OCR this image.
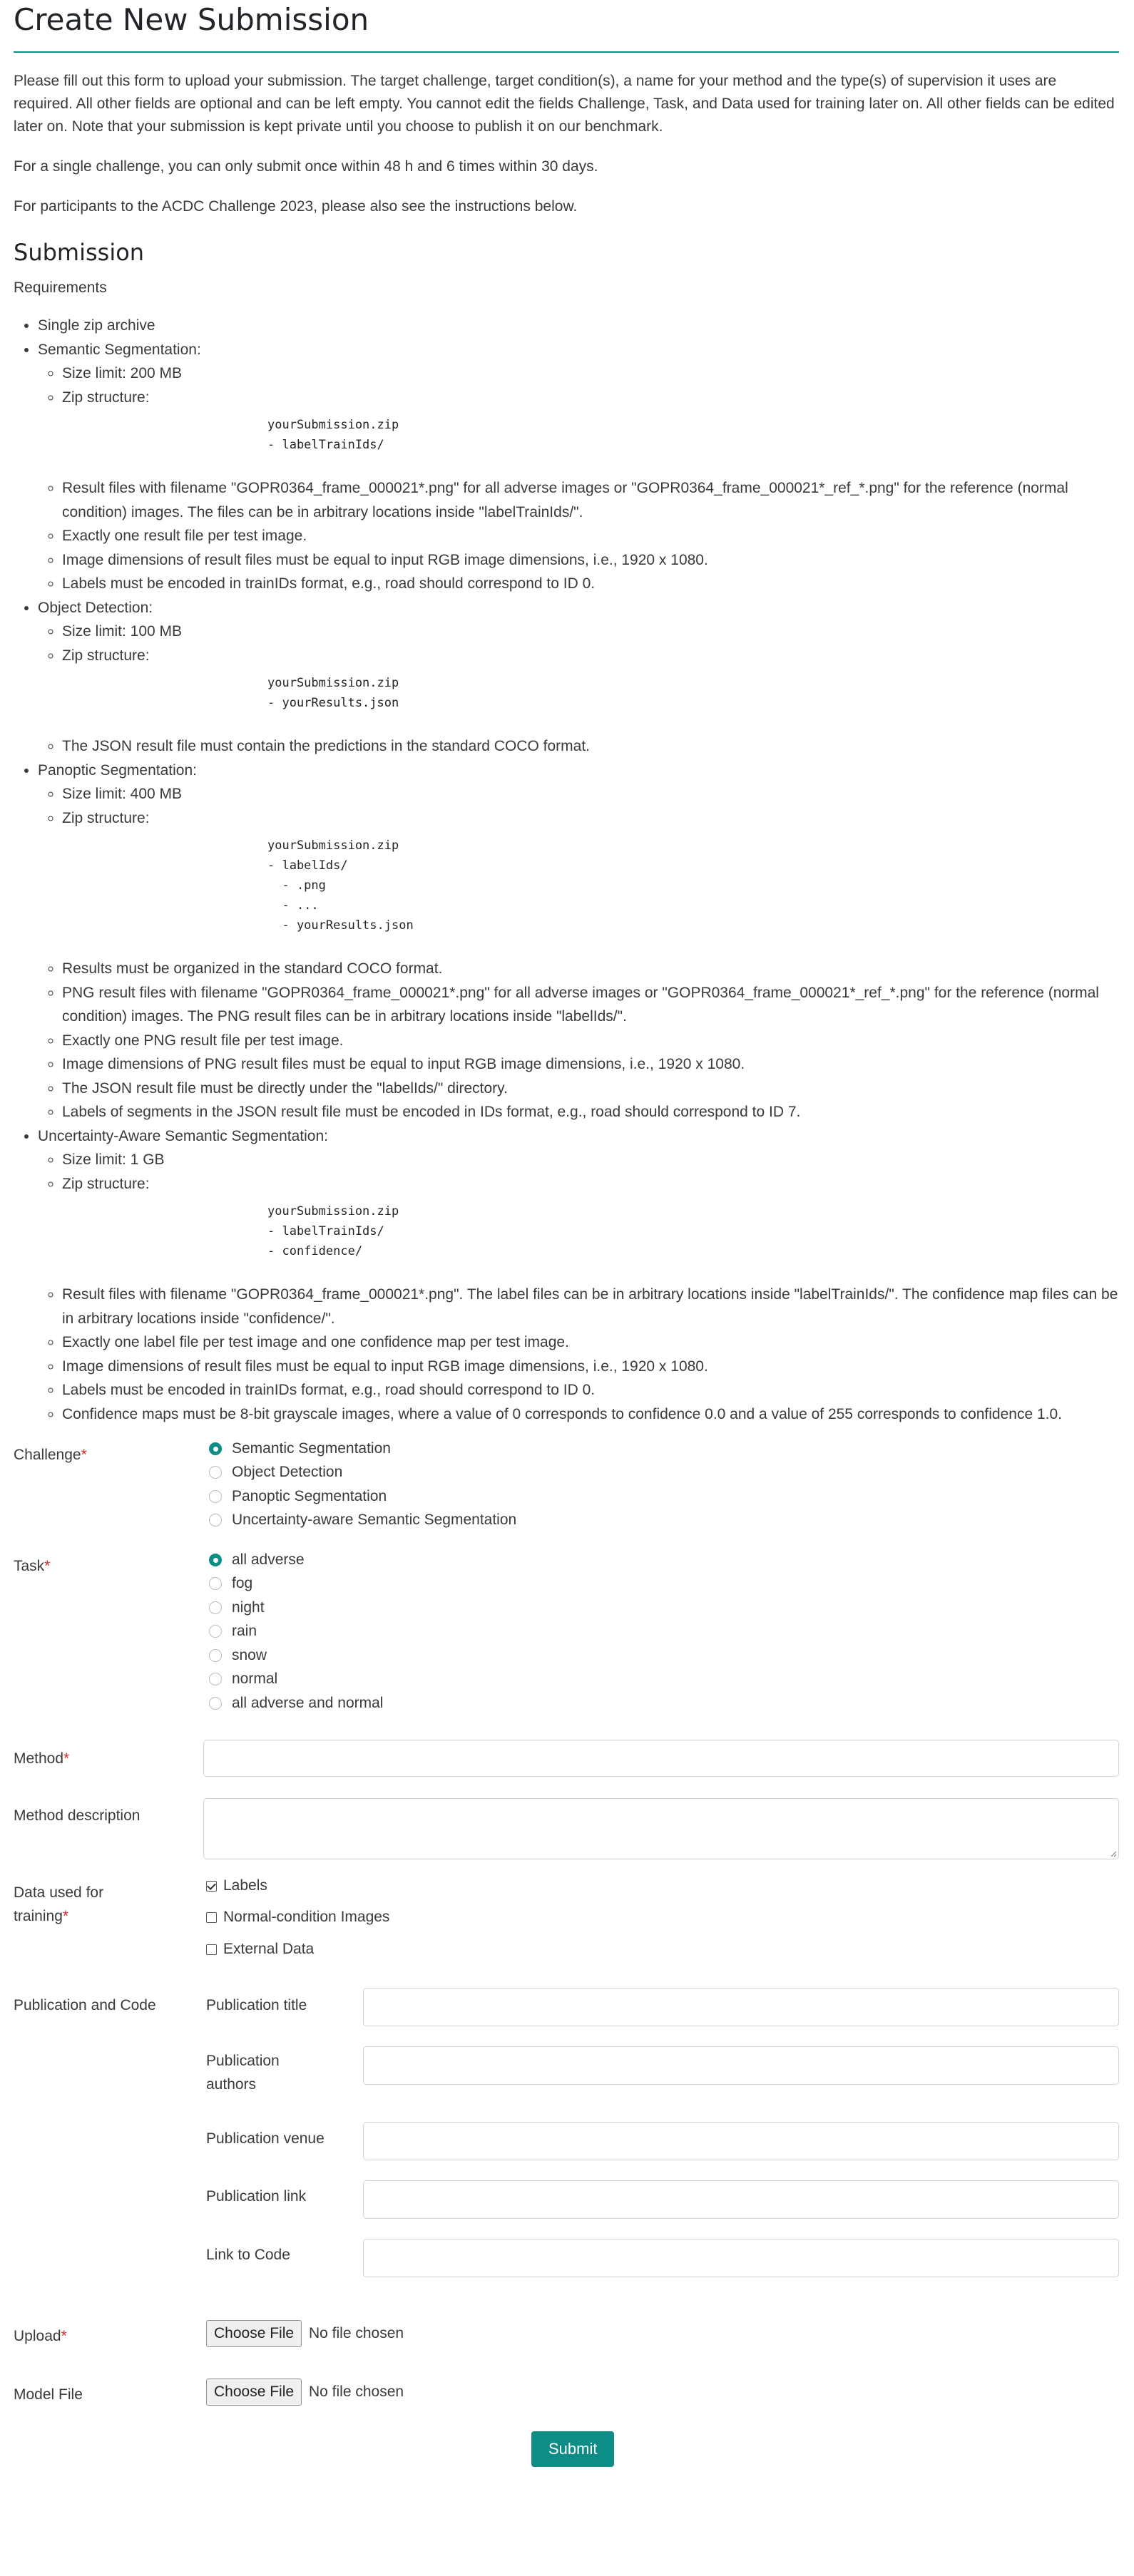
Create New Submission

Please fill out this form to upload your submission. The target challenge, target condition(s), a name for your method and the type(s) of supervision it uses are required. All other fields are optional and can be left empty. You cannot edit the fields Challenge, Task, and Data used for training later on. All other fields can be edited later on. Note that your submission is kept private until you choose to publish it on our benchmark.

For a single challenge, you can only submit once within 48 h and 6 times within 30 days.

For participants to the ACDC Challenge 2023, please also see the instructions below.

Submission
Requirements
• Single zip archive
• Semantic Segmentation:
◦ Size limit: 200 MB
◦ Zip structure:
yourSubmission.zip
- labelTrainIds/
◦ Result files with filename "GOPR0364_frame_000021*.png" for all adverse images or "GOPR0364_frame_000021*_ref_*.png" for the reference (normal condition) images. The files can be in arbitrary locations inside "labelTrainIds/".
◦ Exactly one result file per test image.
◦ Image dimensions of result files must be equal to input RGB image dimensions, i.e., 1920 x 1080.
◦ Labels must be encoded in trainIDs format, e.g., road should correspond to ID 0.
• Object Detection:
◦ Size limit: 100 MB
◦ Zip structure:
yourSubmission.zip
- yourResults.json
◦ The JSON result file must contain the predictions in the standard COCO format.
• Panoptic Segmentation:
◦ Size limit: 400 MB
◦ Zip structure:
yourSubmission.zip
- labelIds/
- .png
- ...
- yourResults.json
◦ Results must be organized in the standard COCO format.
◦ PNG result files with filename "GOPR0364_frame_000021*.png" for all adverse images or "GOPR0364_frame_000021*_ref_*.png" for the reference (normal condition) images. The PNG result files can be in arbitrary locations inside "labelIds/".
◦ Exactly one PNG result file per test image.
◦ Image dimensions of PNG result files must be equal to input RGB image dimensions, i.e., 1920 x 1080.
◦ The JSON result file must be directly under the "labelIds/" directory.
◦ Labels of segments in the JSON result file must be encoded in IDs format, e.g., road should correspond to ID 7.
• Uncertainty-Aware Semantic Segmentation:
◦ Size limit: 1 GB
◦ Zip structure:
yourSubmission.zip
- labelTrainIds/
- confidence/
◦ Result files with filename "GOPR0364_frame_000021*.png". The label files can be in arbitrary locations inside "labelTrainIds/". The confidence map files can be in arbitrary locations inside "confidence/".
◦ Exactly one label file per test image and one confidence map per test image.
◦ Image dimensions of result files must be equal to input RGB image dimensions, i.e., 1920 x 1080.
◦ Labels must be encoded in trainIDs format, e.g., road should correspond to ID 0.
◦ Confidence maps must be 8-bit grayscale images, where a value of 0 corresponds to confidence 0.0 and a value of 255 corresponds to confidence 1.0.
Challenge*	Semantic Segmentation
Object Detection
Panoptic Segmentation
Uncertainty-aware Semantic Segmentation
Task*	all adverse
fog
night
rain
snow
normal
all adverse and normal
Method*
Method description
Data used for training*
Labels
Normal-condition Images
External Data
Publication and Code	Publication title
Publication authors
Publication venue
Publication link
Link to Code
Upload*	Choose File No file chosen
Model File	Choose File No file chosen
Submit
